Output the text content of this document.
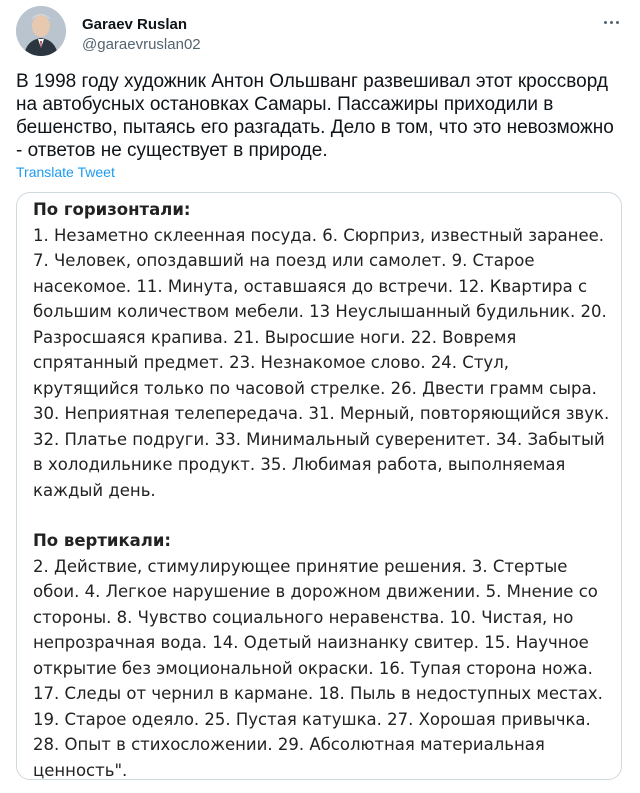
Garaev Ruslan
@garaevruslan02
В 1998 году художник Антон Ольшванг развешивал этот кроссворд на автобусных остановках Самары. Пассажиры приходили в бешенство, пытаясь его разгадать. Дело в том, что это невозможно - ответов не существует в природе.
Translate Tweet
По горизонтали:
1. Незаметно склеенная посуда. 6. Сюрприз, известный заранее. 7. Человек, опоздавший на поезд или самолет. 9. Старое насекомое. 11. Минута, оставшаяся до встречи. 12. Квартира с большим количеством мебели. 13 Неуслышанный будильник. 20. Разросшаяся крапива. 21. Выросшие ноги. 22. Вовремя спрятанный предмет. 23. Незнакомое слово. 24. Стул, крутящийся только по часовой стрелке. 26. Двести грамм сыра. 30. Неприятная телепередача. 31. Мерный, повторяющийся звук. 32. Платье подруги. 33. Минимальный суверенитет. 34. Забытый в холодильнике продукт. 35. Любимая работа, выполняемая каждый день.
По вертикали:
2. Действие, стимулирующее принятие решения. 3. Стертые обои. 4. Легкое нарушение в дорожном движении. 5. Мнение со стороны. 8. Чувство социального неравенства. 10. Чистая, но непрозрачная вода. 14. Одетый наизнанку свитер. 15. Научное открытие без эмоциональной окраски. 16. Тупая сторона ножа. 17. Следы от чернил в кармане. 18. Пыль в недоступных местах. 19. Старое одеяло. 25. Пустая катушка. 27. Хорошая привычка. 28. Опыт в стихосложении. 29. Абсолютная материальная ценность".
